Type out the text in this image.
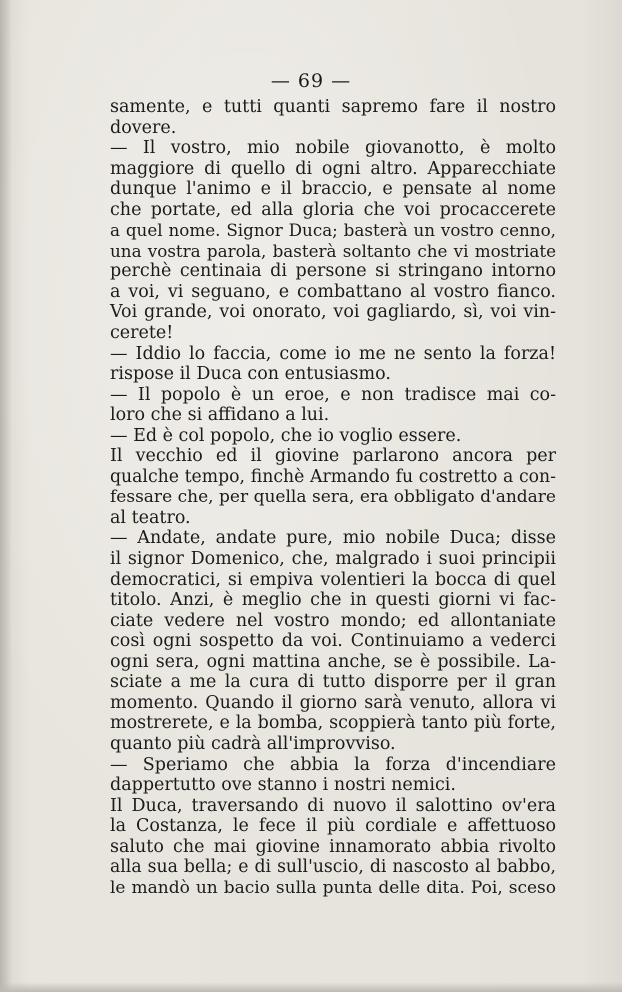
— 69 —
samente, e tutti quanti sapremo fare il nostro
dovere.
— Il vostro, mio nobile giovanotto, è molto
maggiore di quello di ogni altro. Apparecchiate
dunque l'animo e il braccio, e pensate al nome
che portate, ed alla gloria che voi procaccerete
a quel nome. Signor Duca; basterà un vostro cenno,
una vostra parola, basterà soltanto che vi mostriate
perchè centinaia di persone si stringano intorno
a voi, vi seguano, e combattano al vostro fianco.
Voi grande, voi onorato, voi gagliardo, sì, voi vin-
cerete!
— Iddio lo faccia, come io me ne sento la forza!
rispose il Duca con entusiasmo.
— Il popolo è un eroe, e non tradisce mai co-
loro che si affidano a lui.
— Ed è col popolo, che io voglio essere.
Il vecchio ed il giovine parlarono ancora per
qualche tempo, finchè Armando fu costretto a con-
fessare che, per quella sera, era obbligato d'andare
al teatro.
— Andate, andate pure, mio nobile Duca; disse
il signor Domenico, che, malgrado i suoi principii
democratici, si empiva volentieri la bocca di quel
titolo. Anzi, è meglio che in questi giorni vi fac-
ciate vedere nel vostro mondo; ed allontaniate
così ogni sospetto da voi. Continuiamo a vederci
ogni sera, ogni mattina anche, se è possibile. La-
sciate a me la cura di tutto disporre per il gran
momento. Quando il giorno sarà venuto, allora vi
mostrerete, e la bomba, scoppierà tanto più forte,
quanto più cadrà all'improvviso.
— Speriamo che abbia la forza d'incendiare
dappertutto ove stanno i nostri nemici.
Il Duca, traversando di nuovo il salottino ov'era
la Costanza, le fece il più cordiale e affettuoso
saluto che mai giovine innamorato abbia rivolto
alla sua bella; e di sull'uscio, di nascosto al babbo,
le mandò un bacio sulla punta delle dita. Poi, sceso
